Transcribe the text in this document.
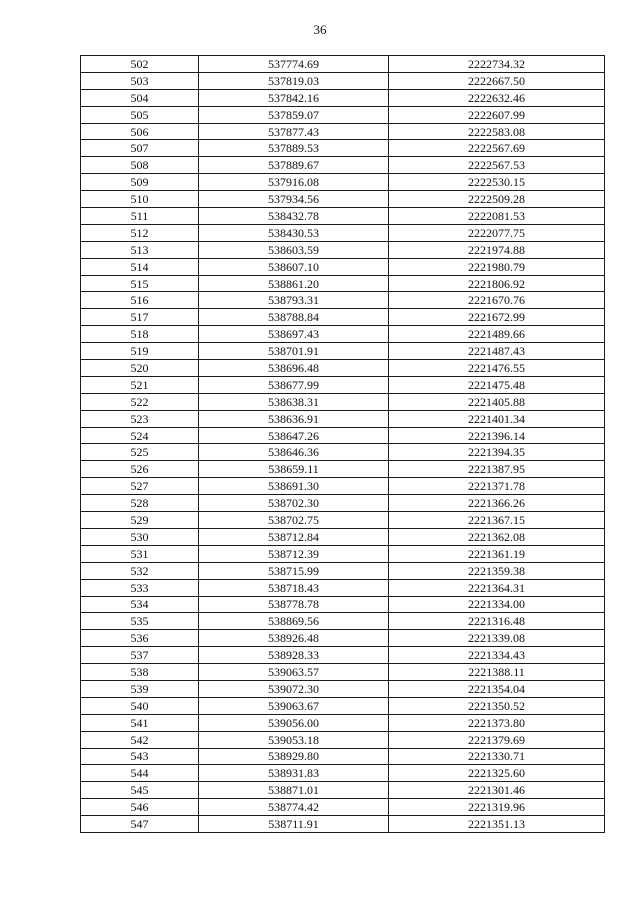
36
502	537774.69	2222734.32
503	537819.03	2222667.50
504	537842.16	2222632.46
505	537859.07	2222607.99
506	537877.43	2222583.08
507	537889.53	2222567.69
508	537889.67	2222567.53
509	537916.08	2222530.15
510	537934.56	2222509.28
511	538432.78	2222081.53
512	538430.53	2222077.75
513	538603.59	2221974.88
514	538607.10	2221980.79
515	538861.20	2221806.92
516	538793.31	2221670.76
517	538788.84	2221672.99
518	538697.43	2221489.66
519	538701.91	2221487.43
520	538696.48	2221476.55
521	538677.99	2221475.48
522	538638.31	2221405.88
523	538636.91	2221401.34
524	538647.26	2221396.14
525	538646.36	2221394.35
526	538659.11	2221387.95
527	538691.30	2221371.78
528	538702.30	2221366.26
529	538702.75	2221367.15
530	538712.84	2221362.08
531	538712.39	2221361.19
532	538715.99	2221359.38
533	538718.43	2221364.31
534	538778.78	2221334.00
535	538869.56	2221316.48
536	538926.48	2221339.08
537	538928.33	2221334.43
538	539063.57	2221388.11
539	539072.30	2221354.04
540	539063.67	2221350.52
541	539056.00	2221373.80
542	539053.18	2221379.69
543	538929.80	2221330.71
544	538931.83	2221325.60
545	538871.01	2221301.46
546	538774.42	2221319.96
547	538711.91	2221351.13
